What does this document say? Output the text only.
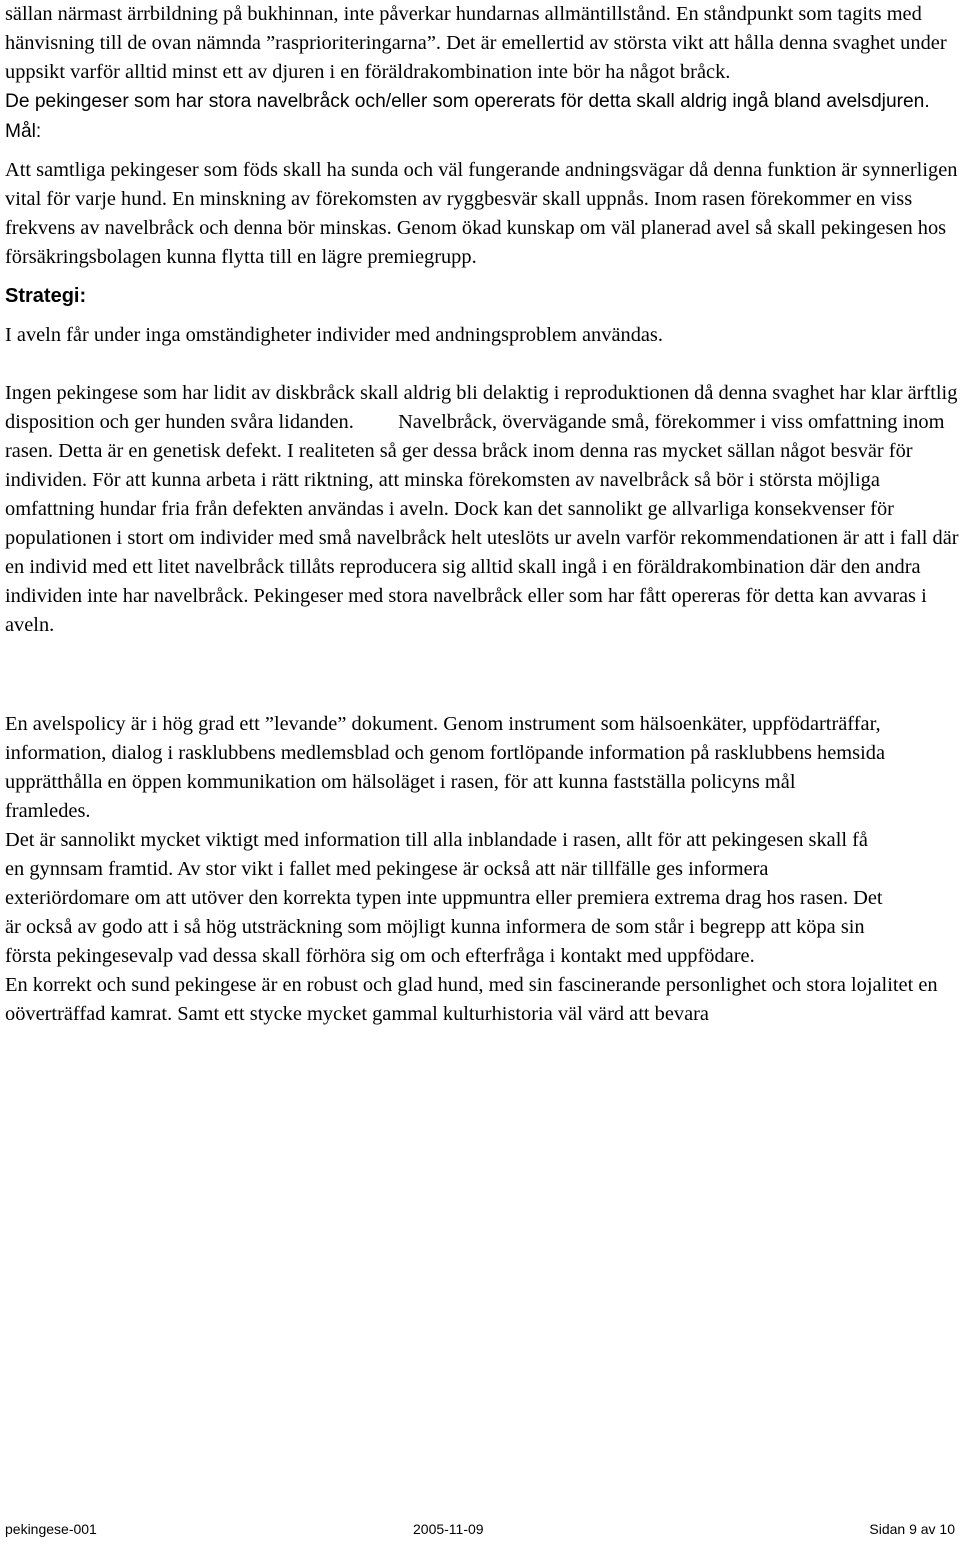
sällan närmast ärrbildning på bukhinnan, inte påverkar hundarnas allmäntillstånd. En ståndpunkt som tagits med hänvisning till de ovan nämnda ”rasprioriteringarna”. Det är emellertid av största vikt att hålla denna svaghet under uppsikt varför alltid minst ett av djuren i en föräldrakombination inte bör ha något bråck.

De pekingeser som har stora navelbråck och/eller som opererats för detta skall aldrig ingå bland avelsdjuren.

Mål:

Att samtliga pekingeser som föds skall ha sunda och väl fungerande andningsvägar då denna funktion är synnerligen vital för varje hund. En minskning av förekomsten av ryggbesvär skall uppnås. Inom rasen förekommer en viss frekvens av navelbråck och denna bör minskas. Genom ökad kunskap om väl planerad avel så skall pekingesen hos försäkringsbolagen kunna flytta till en lägre premiegrupp.

Strategi:

I aveln får under inga omständigheter individer med andningsproblem användas.

Ingen pekingese som har lidit av diskbråck skall aldrig bli delaktig i reproduktionen då denna svaghet har klar ärftlig disposition och ger hunden svåra lidanden. Navelbråck, övervägande små, förekommer i viss omfattning inom rasen. Detta är en genetisk defekt. I realiteten så ger dessa bråck inom denna ras mycket sällan något besvär för individen. För att kunna arbeta i rätt riktning, att minska förekomsten av navelbråck så bör i största möjliga omfattning hundar fria från defekten användas i aveln. Dock kan det sannolikt ge allvarliga konsekvenser för populationen i stort om individer med små navelbråck helt uteslöts ur aveln varför rekommendationen är att i fall där en individ med ett litet navelbråck tillåts reproducera sig alltid skall ingå i en föräldrakombination där den andra individen inte har navelbråck. Pekingeser med stora navelbråck eller som har fått opereras för detta kan avvaras i aveln.

En avelspolicy är i hög grad ett ”levande” dokument. Genom instrument som hälsoenkäter, uppfödarträffar, information, dialog i rasklubbens medlemsblad och genom fortlöpande information på rasklubbens hemsida upprätthålla en öppen kommunikation om hälsoläget i rasen, för att kunna fastställa policyns mål framledes.

Det är sannolikt mycket viktigt med information till alla inblandade i rasen, allt för att pekingesen skall få en gynnsam framtid. Av stor vikt i fallet med pekingese är också att när tillfälle ges informera exteriördomare om att utöver den korrekta typen inte uppmuntra eller premiera extrema drag hos rasen. Det är också av godo att i så hög utsträckning som möjligt kunna informera de som står i begrepp att köpa sin första pekingesevalp vad dessa skall förhöra sig om och efterfråga i kontakt med uppfödare.

En korrekt och sund pekingese är en robust och glad hund, med sin fascinerande personlighet och stora lojalitet en oöverträffad kamrat. Samt ett stycke mycket gammal kulturhistoria väl värd att bevara

pekingese-001	2005-11-09	Sidan 9 av 10
